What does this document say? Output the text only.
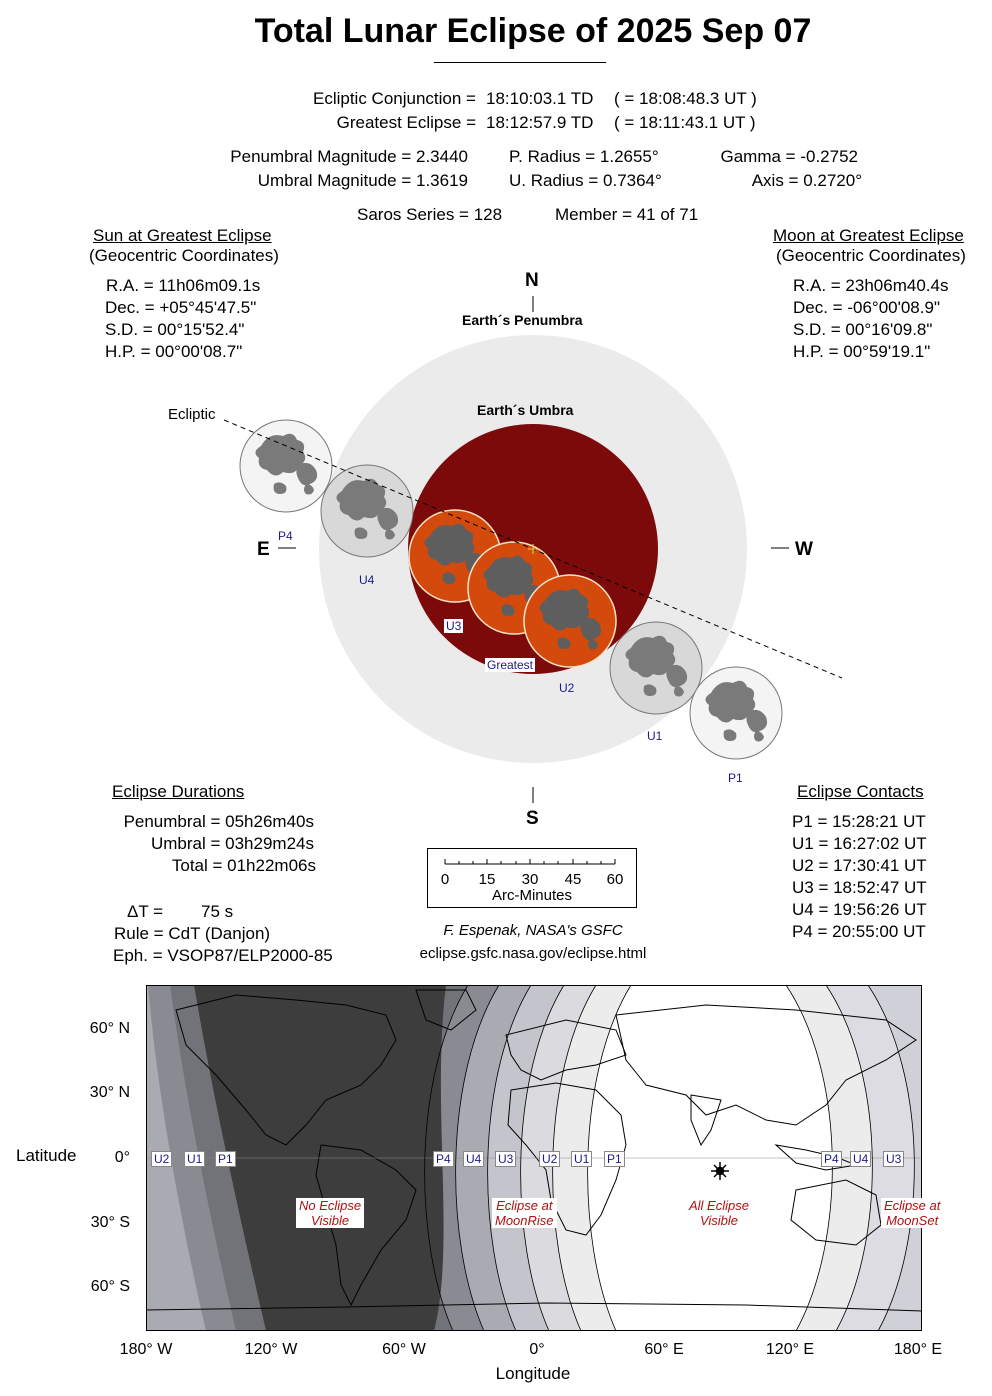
Total Lunar Eclipse of 2025 Sep 07
Ecliptic Conjunction = 18:10:03.1 TD ( = 18:08:48.3 UT )
Greatest Eclipse = 18:12:57.9 TD ( = 18:11:43.1 UT )
Penumbral Magnitude = 2.3440
Umbral Magnitude = 1.3619
P. Radius = 1.2655°
U. Radius = 0.7364°
Gamma = -0.2752
Axis = 0.2720°
Saros Series = 128	Member = 41 of 71
Sun at Greatest Eclipse
(Geocentric Coordinates)
R.A. = 11h06m09.1s
Dec. = +05°45'47.5"
S.D. = 00°15'52.4"
H.P. = 00°00'08.7"
Moon at Greatest Eclipse
(Geocentric Coordinates)
R.A. = 23h06m40.4s
Dec. = -06°00'08.9"
S.D. = 00°16'09.8"
H.P. = 00°59'19.1"
N
S
E	W
Earth´s Penumbra
Earth´s Umbra
Ecliptic
P4
U4
U3
Greatest
U2
U1
P1
Eclipse Durations
Penumbral = 05h26m40s
Umbral = 03h29m24s
Total = 01h22m06s
ΔT = 75 s
Rule = CdT (Danjon)
Eph. = VSOP87/ELP2000-85
0	15	30	45	60
Arc-Minutes
F. Espenak, NASA's GSFC
eclipse.gsfc.nasa.gov/eclipse.html
Eclipse Contacts
P1 = 15:28:21 UT
U1 = 16:27:02 UT
U2 = 17:30:41 UT
U3 = 18:52:47 UT
U4 = 19:56:26 UT
P4 = 20:55:00 UT
U2 U1 P1	P4 U4 U3 U2 U1 P1	P4 U4 U3
No Eclipse
Visible
Eclipse at
MoonRise
All Eclipse
Visible
Eclipse at
MoonSet
Latitude
60° N
30° N
0°
30° S
60° S
180° W	120° W	60° W	0°	60° E	120° E	180° E
Longitude
